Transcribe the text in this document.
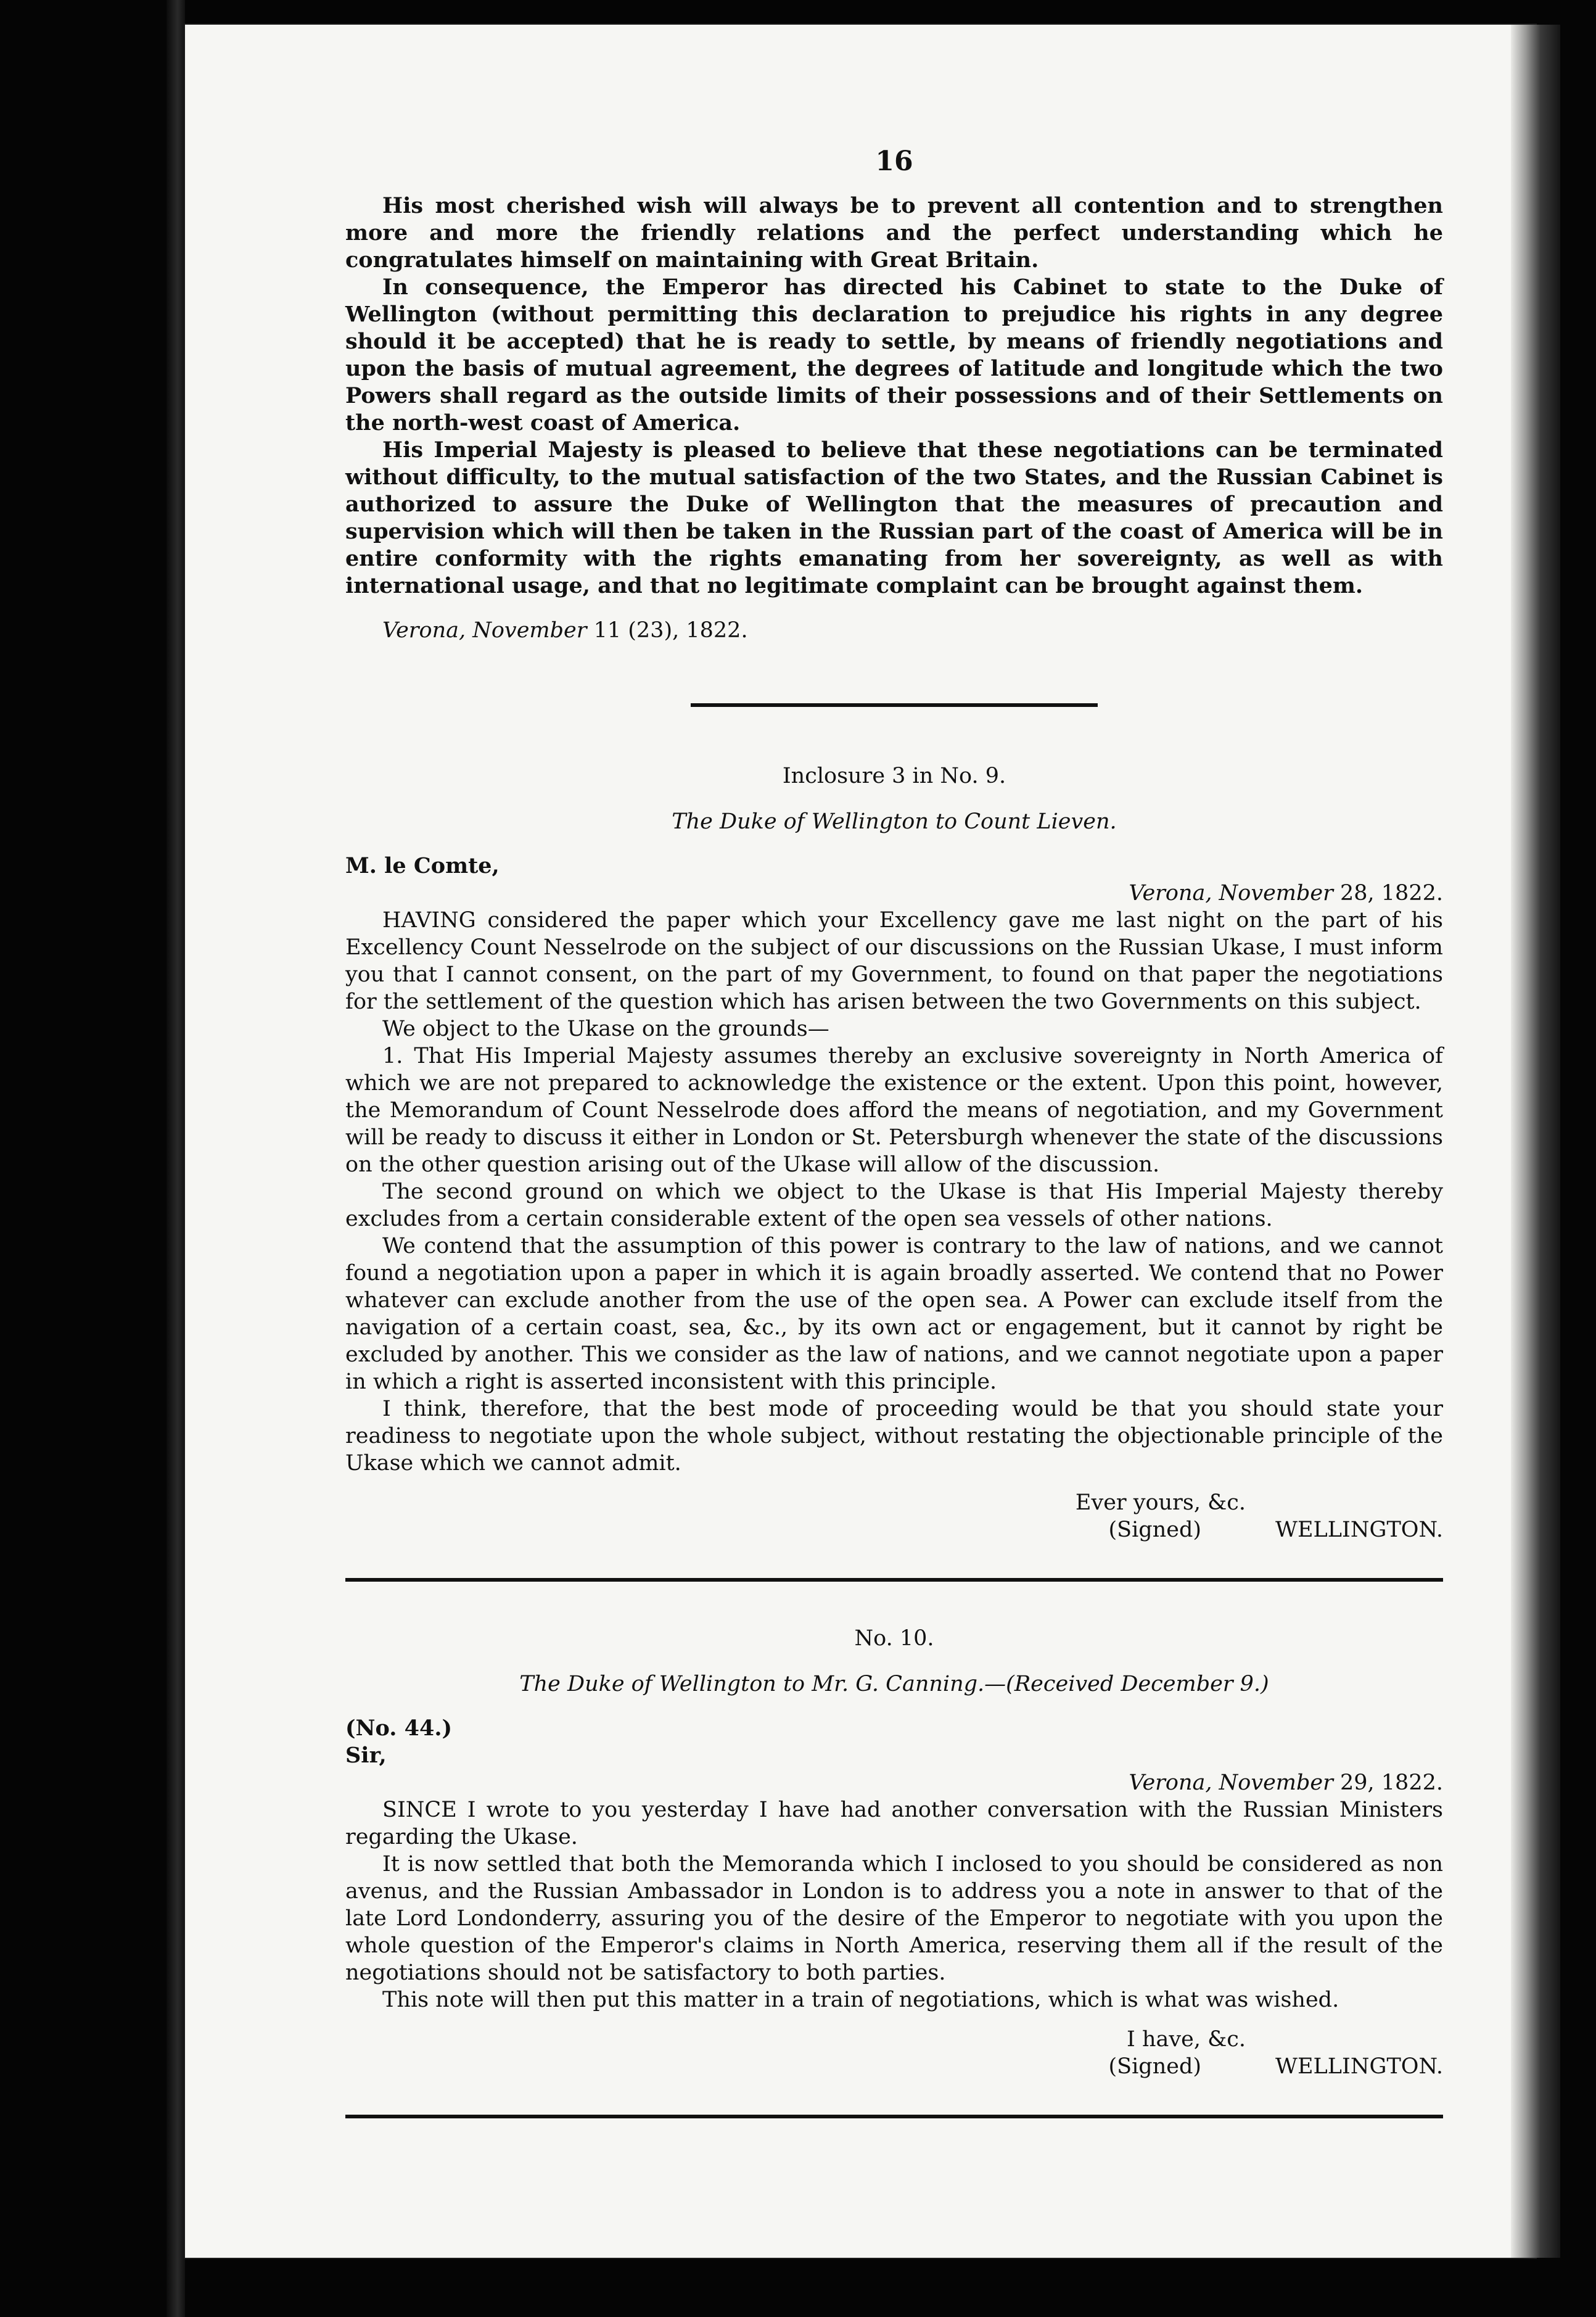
16

His most cherished wish will always be to prevent all contention and to strengthen more and more the friendly relations and the perfect understanding which he congratulates himself on maintaining with Great Britain.

In consequence, the Emperor has directed his Cabinet to state to the Duke of Wellington (without permitting this declaration to prejudice his rights in any degree should it be accepted) that he is ready to settle, by means of friendly negotiations and upon the basis of mutual agreement, the degrees of latitude and longitude which the two Powers shall regard as the outside limits of their possessions and of their Settlements on the north-west coast of America.

His Imperial Majesty is pleased to believe that these negotiations can be terminated without difficulty, to the mutual satisfaction of the two States, and the Russian Cabinet is authorized to assure the Duke of Wellington that the measures of precaution and supervision which will then be taken in the Russian part of the coast of America will be in entire conformity with the rights emanating from her sovereignty, as well as with international usage, and that no legitimate complaint can be brought against them.

Verona, November 11 (23), 1822.

Inclosure 3 in No. 9.

The Duke of Wellington to Count Lieven.

M. le Comte,

Verona, November 28, 1822.

HAVING considered the paper which your Excellency gave me last night on the part of his Excellency Count Nesselrode on the subject of our discussions on the Russian Ukase, I must inform you that I cannot consent, on the part of my Government, to found on that paper the negotiations for the settlement of the question which has arisen between the two Governments on this subject.

We object to the Ukase on the grounds—

1. That His Imperial Majesty assumes thereby an exclusive sovereignty in North America of which we are not prepared to acknowledge the existence or the extent. Upon this point, however, the Memorandum of Count Nesselrode does afford the means of negotiation, and my Government will be ready to discuss it either in London or St. Petersburgh whenever the state of the discussions on the other question arising out of the Ukase will allow of the discussion.

The second ground on which we object to the Ukase is that His Imperial Majesty thereby excludes from a certain considerable extent of the open sea vessels of other nations.

We contend that the assumption of this power is contrary to the law of nations, and we cannot found a negotiation upon a paper in which it is again broadly asserted. We contend that no Power whatever can exclude another from the use of the open sea. A Power can exclude itself from the navigation of a certain coast, sea, &c., by its own act or engagement, but it cannot by right be excluded by another. This we consider as the law of nations, and we cannot negotiate upon a paper in which a right is asserted inconsistent with this principle.

I think, therefore, that the best mode of proceeding would be that you should state your readiness to negotiate upon the whole subject, without restating the objectionable principle of the Ukase which we cannot admit.

Ever yours, &c.

(Signed)	WELLINGTON.

No. 10.

The Duke of Wellington to Mr. G. Canning.—(Received December 9.)

(No. 44.)

Sir,

Verona, November 29, 1822.

SINCE I wrote to you yesterday I have had another conversation with the Russian Ministers regarding the Ukase.

It is now settled that both the Memoranda which I inclosed to you should be considered as non avenus, and the Russian Ambassador in London is to address you a note in answer to that of the late Lord Londonderry, assuring you of the desire of the Emperor to negotiate with you upon the whole question of the Emperor's claims in North America, reserving them all if the result of the negotiations should not be satisfactory to both parties.

This note will then put this matter in a train of negotiations, which is what was wished.

I have, &c.

(Signed)	WELLINGTON.
